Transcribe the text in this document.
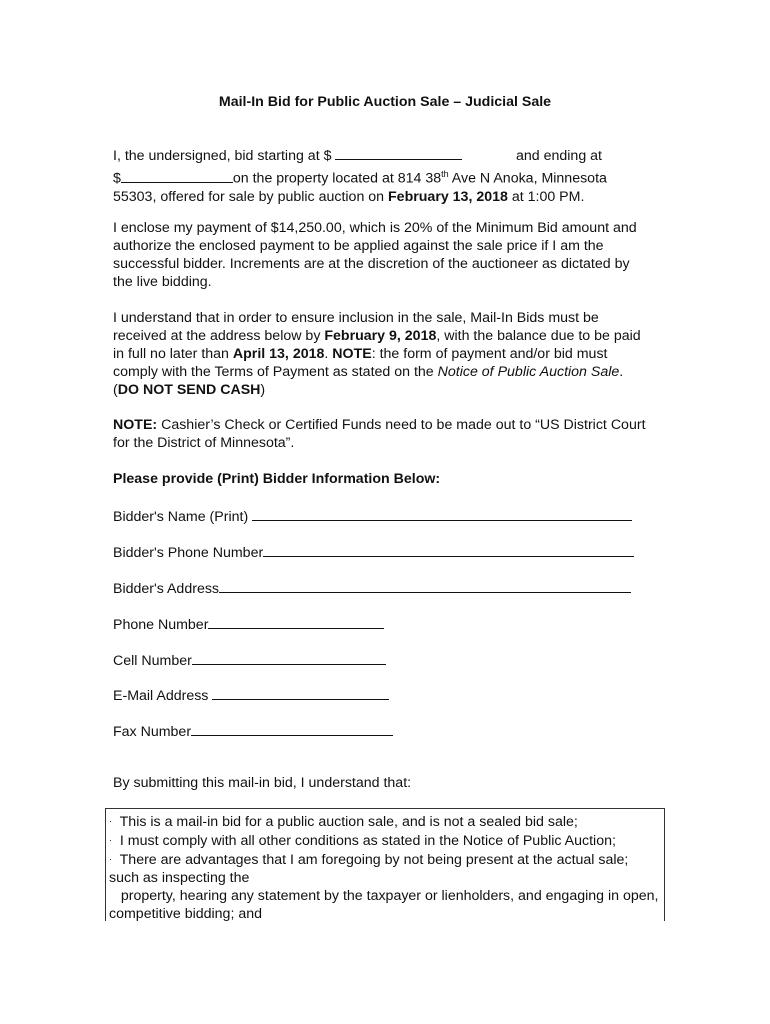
Mail-In Bid for Public Auction Sale – Judicial Sale
I, the undersigned, bid starting at $	and ending at
$	on the property located at 814 38th Ave N Anoka, Minnesota
55303, offered for sale by public auction on February 13, 2018 at 1:00 PM.
I enclose my payment of $14,250.00, which is 20% of the Minimum Bid amount and authorize the enclosed payment to be applied against the sale price if I am the successful bidder. Increments are at the discretion of the auctioneer as dictated by the live bidding.
I understand that in order to ensure inclusion in the sale, Mail-In Bids must be received at the address below by February 9, 2018, with the balance due to be paid in full no later than April 13, 2018. NOTE: the form of payment and/or bid must comply with the Terms of Payment as stated on the Notice of Public Auction Sale. (DO NOT SEND CASH)
NOTE: Cashier’s Check or Certified Funds need to be made out to “US District Court for the District of Minnesota”.
Please provide (Print) Bidder Information Below:
Bidder's Name (Print)
Bidder's Phone Number
Bidder's Address
Phone Number
Cell Number
E-Mail Address
Fax Number
By submitting this mail-in bid, I understand that:
· This is a mail-in bid for a public auction sale, and is not a sealed bid sale;
· I must comply with all other conditions as stated in the Notice of Public Auction;
· There are advantages that I am foregoing by not being present at the actual sale; such as inspecting the
property, hearing any statement by the taxpayer or lienholders, and engaging in open, competitive bidding; and
